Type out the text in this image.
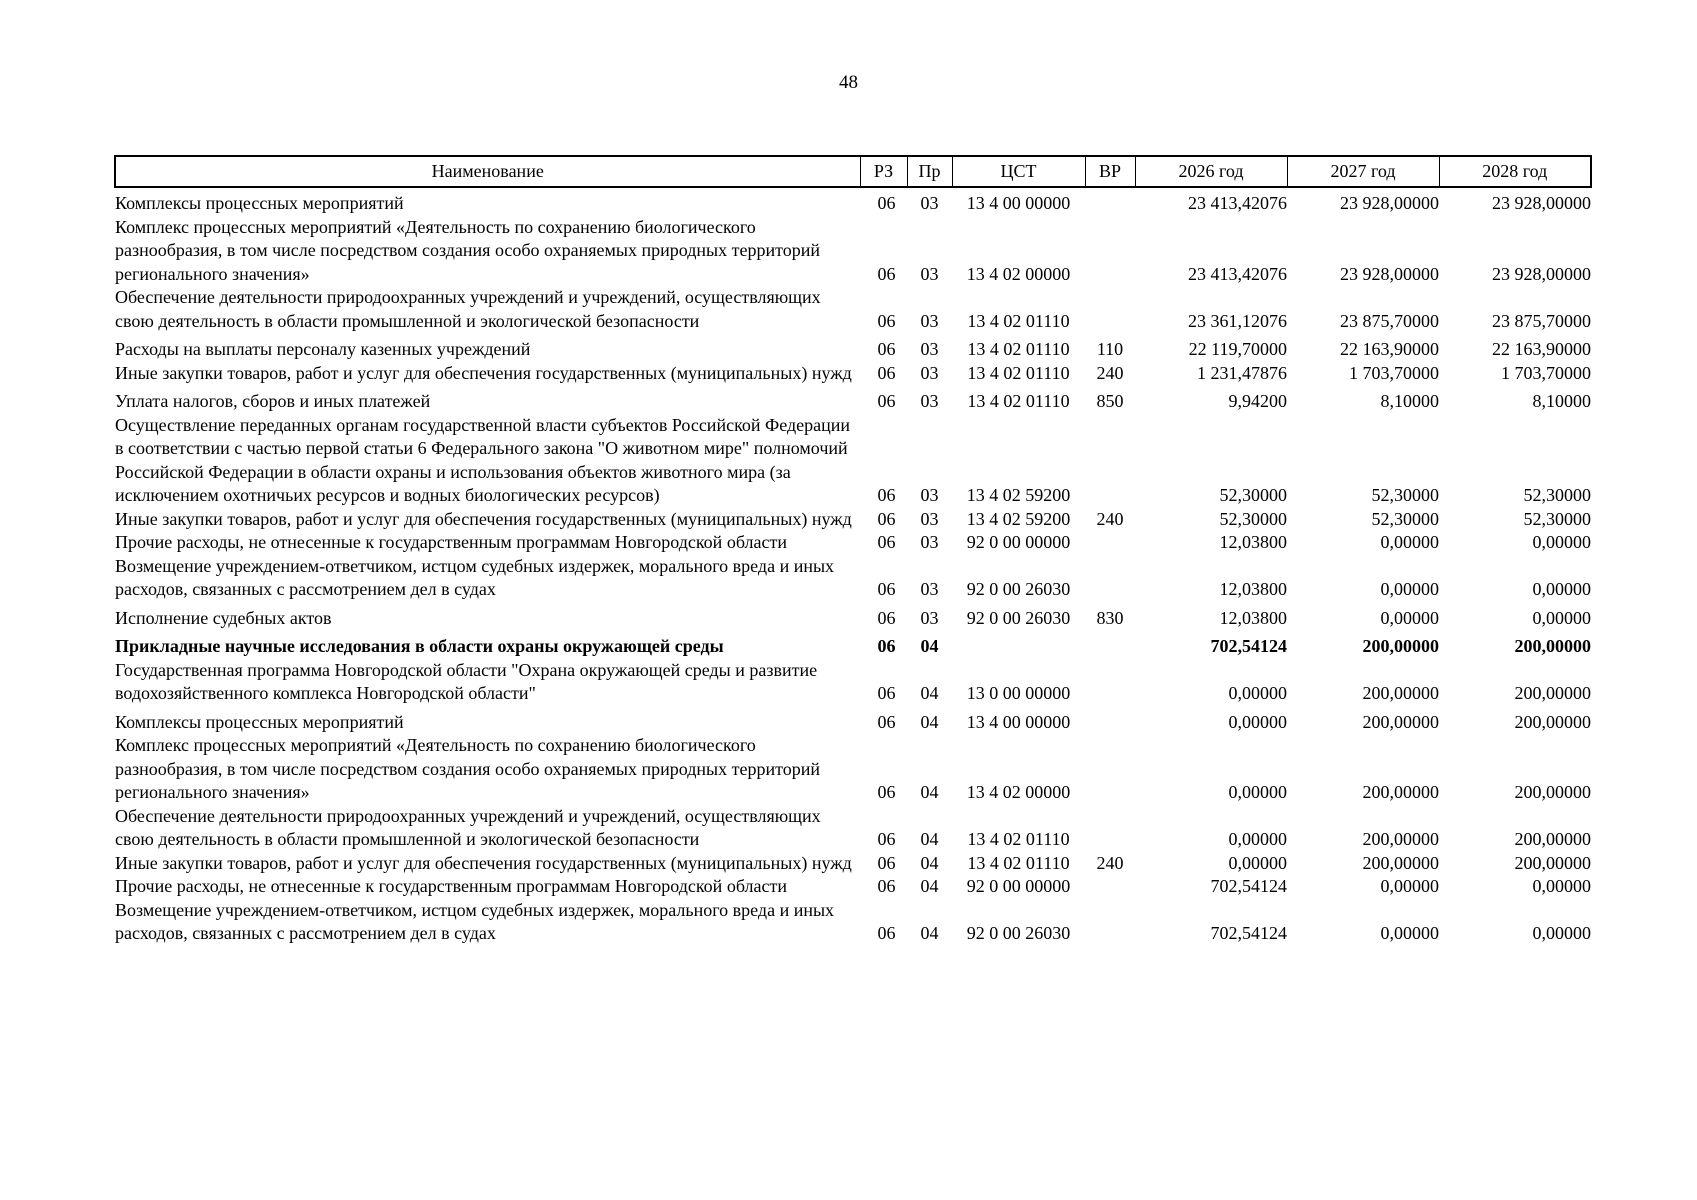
48
Наименование	РЗ	Пр	ЦСТ	ВР	2026 год	2027 год	2028 год
Комплексы процессных мероприятий	06	03	13 4 00 00000		23 413,42076	23 928,00000	23 928,00000
Комплекс процессных мероприятий «Деятельность по сохранению биологического разнообразия, в том числе посредством создания особо охраняемых природных территорий регионального значения»	06	03	13 4 02 00000		23 413,42076	23 928,00000	23 928,00000
Обеспечение деятельности природоохранных учреждений и учреждений, осуществляющих свою деятельность в области промышленной и экологической безопасности	06	03	13 4 02 01110		23 361,12076	23 875,70000	23 875,70000
Расходы на выплаты персоналу казенных учреждений	06	03	13 4 02 01110	110	22 119,70000	22 163,90000	22 163,90000
Иные закупки товаров, работ и услуг для обеспечения государственных (муниципальных) нужд	06	03	13 4 02 01110	240	1 231,47876	1 703,70000	1 703,70000
Уплата налогов, сборов и иных платежей	06	03	13 4 02 01110	850	9,94200	8,10000	8,10000
Осуществление переданных органам государственной власти субъектов Российской Федерации в соответствии с частью первой статьи 6 Федерального закона "О животном мире" полномочий Российской Федерации в области охраны и использования объектов животного мира (за исключением охотничьих ресурсов и водных биологических ресурсов)	06	03	13 4 02 59200		52,30000	52,30000	52,30000
Иные закупки товаров, работ и услуг для обеспечения государственных (муниципальных) нужд	06	03	13 4 02 59200	240	52,30000	52,30000	52,30000
Прочие расходы, не отнесенные к государственным программам Новгородской области	06	03	92 0 00 00000		12,03800	0,00000	0,00000
Возмещение учреждением-ответчиком, истцом судебных издержек, морального вреда и иных расходов, связанных с рассмотрением дел в судах	06	03	92 0 00 26030		12,03800	0,00000	0,00000
Исполнение судебных актов	06	03	92 0 00 26030	830	12,03800	0,00000	0,00000
Прикладные научные исследования в области охраны окружающей среды	06	04			702,54124	200,00000	200,00000
Государственная программа Новгородской области "Охрана окружающей среды и развитие водохозяйственного комплекса Новгородской области"	06	04	13 0 00 00000		0,00000	200,00000	200,00000
Комплексы процессных мероприятий	06	04	13 4 00 00000		0,00000	200,00000	200,00000
Комплекс процессных мероприятий «Деятельность по сохранению биологического разнообразия, в том числе посредством создания особо охраняемых природных территорий регионального значения»	06	04	13 4 02 00000		0,00000	200,00000	200,00000
Обеспечение деятельности природоохранных учреждений и учреждений, осуществляющих свою деятельность в области промышленной и экологической безопасности	06	04	13 4 02 01110		0,00000	200,00000	200,00000
Иные закупки товаров, работ и услуг для обеспечения государственных (муниципальных) нужд	06	04	13 4 02 01110	240	0,00000	200,00000	200,00000
Прочие расходы, не отнесенные к государственным программам Новгородской области	06	04	92 0 00 00000		702,54124	0,00000	0,00000
Возмещение учреждением-ответчиком, истцом судебных издержек, морального вреда и иных расходов, связанных с рассмотрением дел в судах	06	04	92 0 00 26030		702,54124	0,00000	0,00000
